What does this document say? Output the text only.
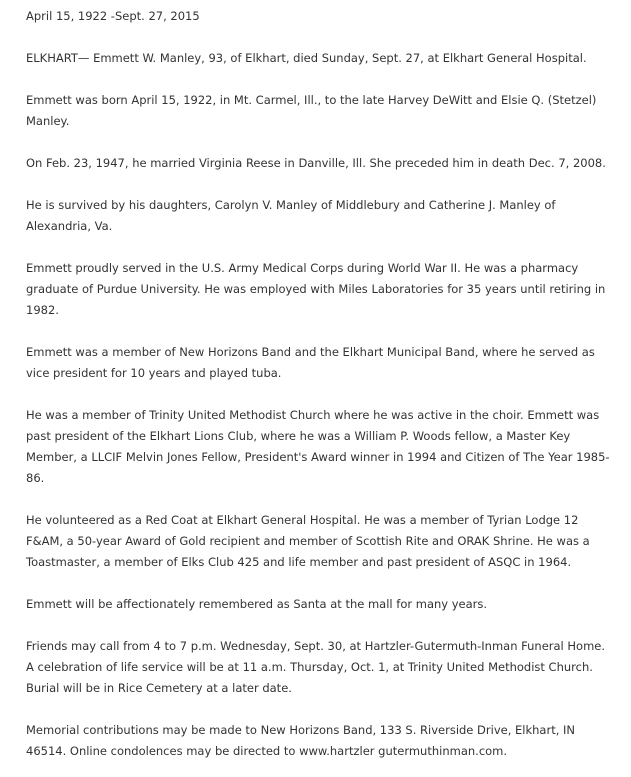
April 15, 1922 -Sept. 27, 2015

ELKHART— Emmett W. Manley, 93, of Elkhart, died Sunday, Sept. 27, at Elkhart General Hospital.

Emmett was born April 15, 1922, in Mt. Carmel, Ill., to the late Harvey DeWitt and Elsie Q. (Stetzel) Manley.

On Feb. 23, 1947, he married Virginia Reese in Danville, Ill. She preceded him in death Dec. 7, 2008.

He is survived by his daughters, Carolyn V. Manley of Middlebury and Catherine J. Manley of Alexandria, Va.

Emmett proudly served in the U.S. Army Medical Corps during World War II. He was a pharmacy graduate of Purdue University. He was employed with Miles Laboratories for 35 years until retiring in 1982.

Emmett was a member of New Horizons Band and the Elkhart Municipal Band, where he served as vice president for 10 years and played tuba.

He was a member of Trinity United Methodist Church where he was active in the choir. Emmett was past president of the Elkhart Lions Club, where he was a William P. Woods fellow, a Master Key Member, a LLCIF Melvin Jones Fellow, President's Award winner in 1994 and Citizen of The Year 1985-86.

He volunteered as a Red Coat at Elkhart General Hospital. He was a member of Tyrian Lodge 12 F&AM, a 50-year Award of Gold recipient and member of Scottish Rite and ORAK Shrine. He was a Toastmaster, a member of Elks Club 425 and life member and past president of ASQC in 1964.

Emmett will be affectionately remembered as Santa at the mall for many years.

Friends may call from 4 to 7 p.m. Wednesday, Sept. 30, at Hartzler-Gutermuth-Inman Funeral Home. A celebration of life service will be at 11 a.m. Thursday, Oct. 1, at Trinity United Methodist Church. Burial will be in Rice Cemetery at a later date.

Memorial contributions may be made to New Horizons Band, 133 S. Riverside Drive, Elkhart, IN 46514. Online condolences may be directed to www.hartzler gutermuthinman.com.
